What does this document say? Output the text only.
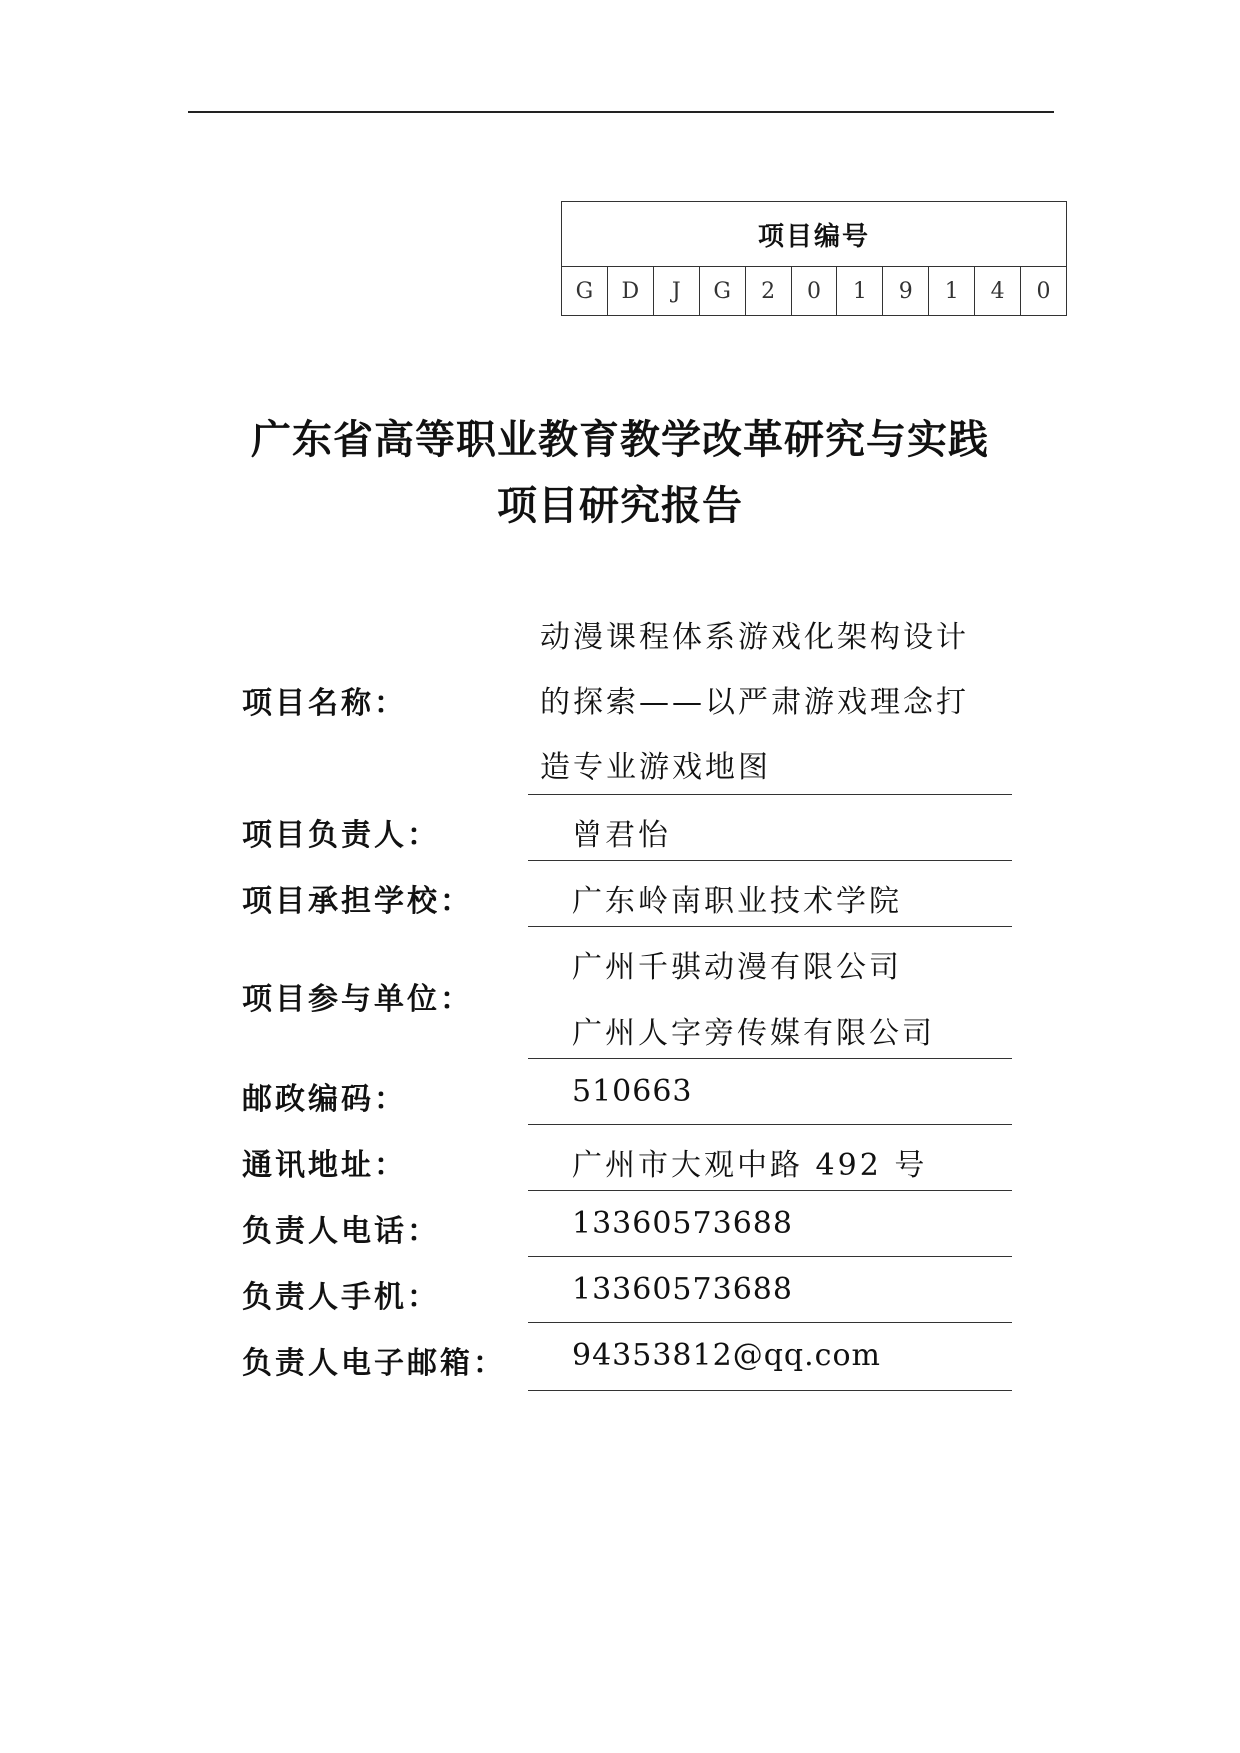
项目编号
G	D	J	G	2	0	1	9	1	4	0
广东省高等职业教育教学改革研究与实践
项目研究报告
项目名称：
动漫课程体系游戏化架构设计
的探索——以严肃游戏理念打
造专业游戏地图
项目负责人：	曾君怡
项目承担学校：	广东岭南职业技术学院
项目参与单位：
广州千骐动漫有限公司
广州人字旁传媒有限公司
邮政编码：	510663
通讯地址：	广州市大观中路 492 号
负责人电话：	13360573688
负责人手机：	13360573688
负责人电子邮箱： 94353812@qq.com
